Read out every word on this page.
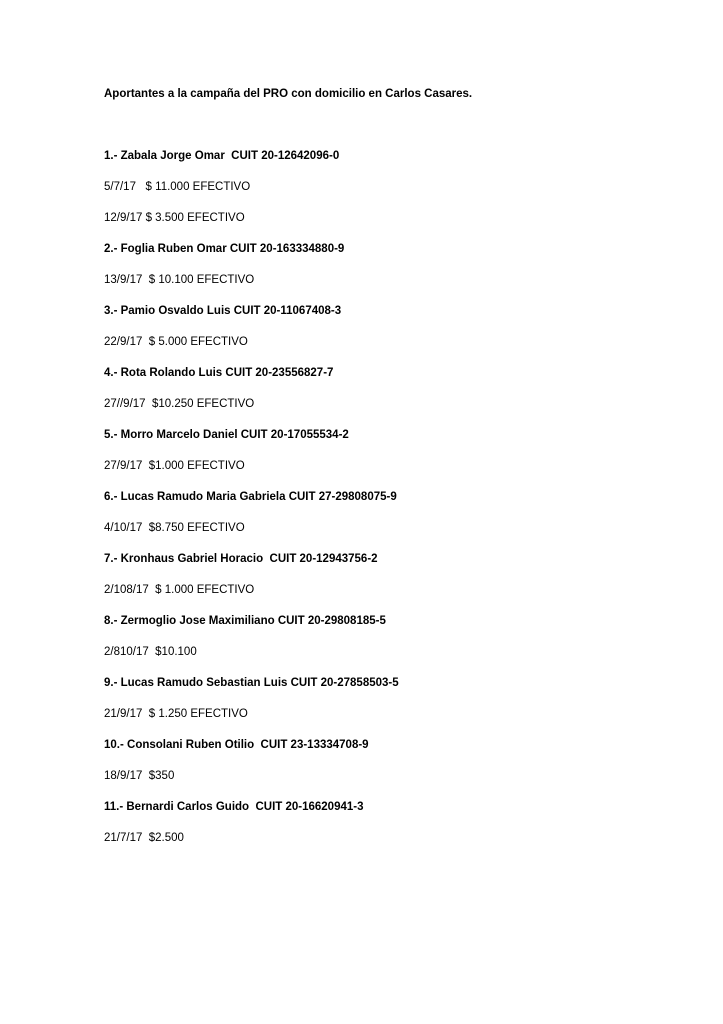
Aportantes a la campaña del PRO con domicilio en Carlos Casares.

1.- Zabala Jorge Omar  CUIT 20-12642096-0
5/7/17   $ 11.000 EFECTIVO
12/9/17 $ 3.500 EFECTIVO
2.- Foglia Ruben Omar CUIT 20-163334880-9
13/9/17  $ 10.100 EFECTIVO
3.- Pamio Osvaldo Luis CUIT 20-11067408-3
22/9/17  $ 5.000 EFECTIVO
4.- Rota Rolando Luis CUIT 20-23556827-7
27//9/17  $10.250 EFECTIVO
5.- Morro Marcelo Daniel CUIT 20-17055534-2
27/9/17  $1.000 EFECTIVO
6.- Lucas Ramudo Maria Gabriela CUIT 27-29808075-9
4/10/17  $8.750 EFECTIVO
7.- Kronhaus Gabriel Horacio  CUIT 20-12943756-2
2/108/17  $ 1.000 EFECTIVO
8.- Zermoglio Jose Maximiliano CUIT 20-29808185-5
2/810/17  $10.100
9.- Lucas Ramudo Sebastian Luis CUIT 20-27858503-5
21/9/17  $ 1.250 EFECTIVO
10.- Consolani Ruben Otilio  CUIT 23-13334708-9
18/9/17  $350
11.- Bernardi Carlos Guido  CUIT 20-16620941-3
21/7/17  $2.500
